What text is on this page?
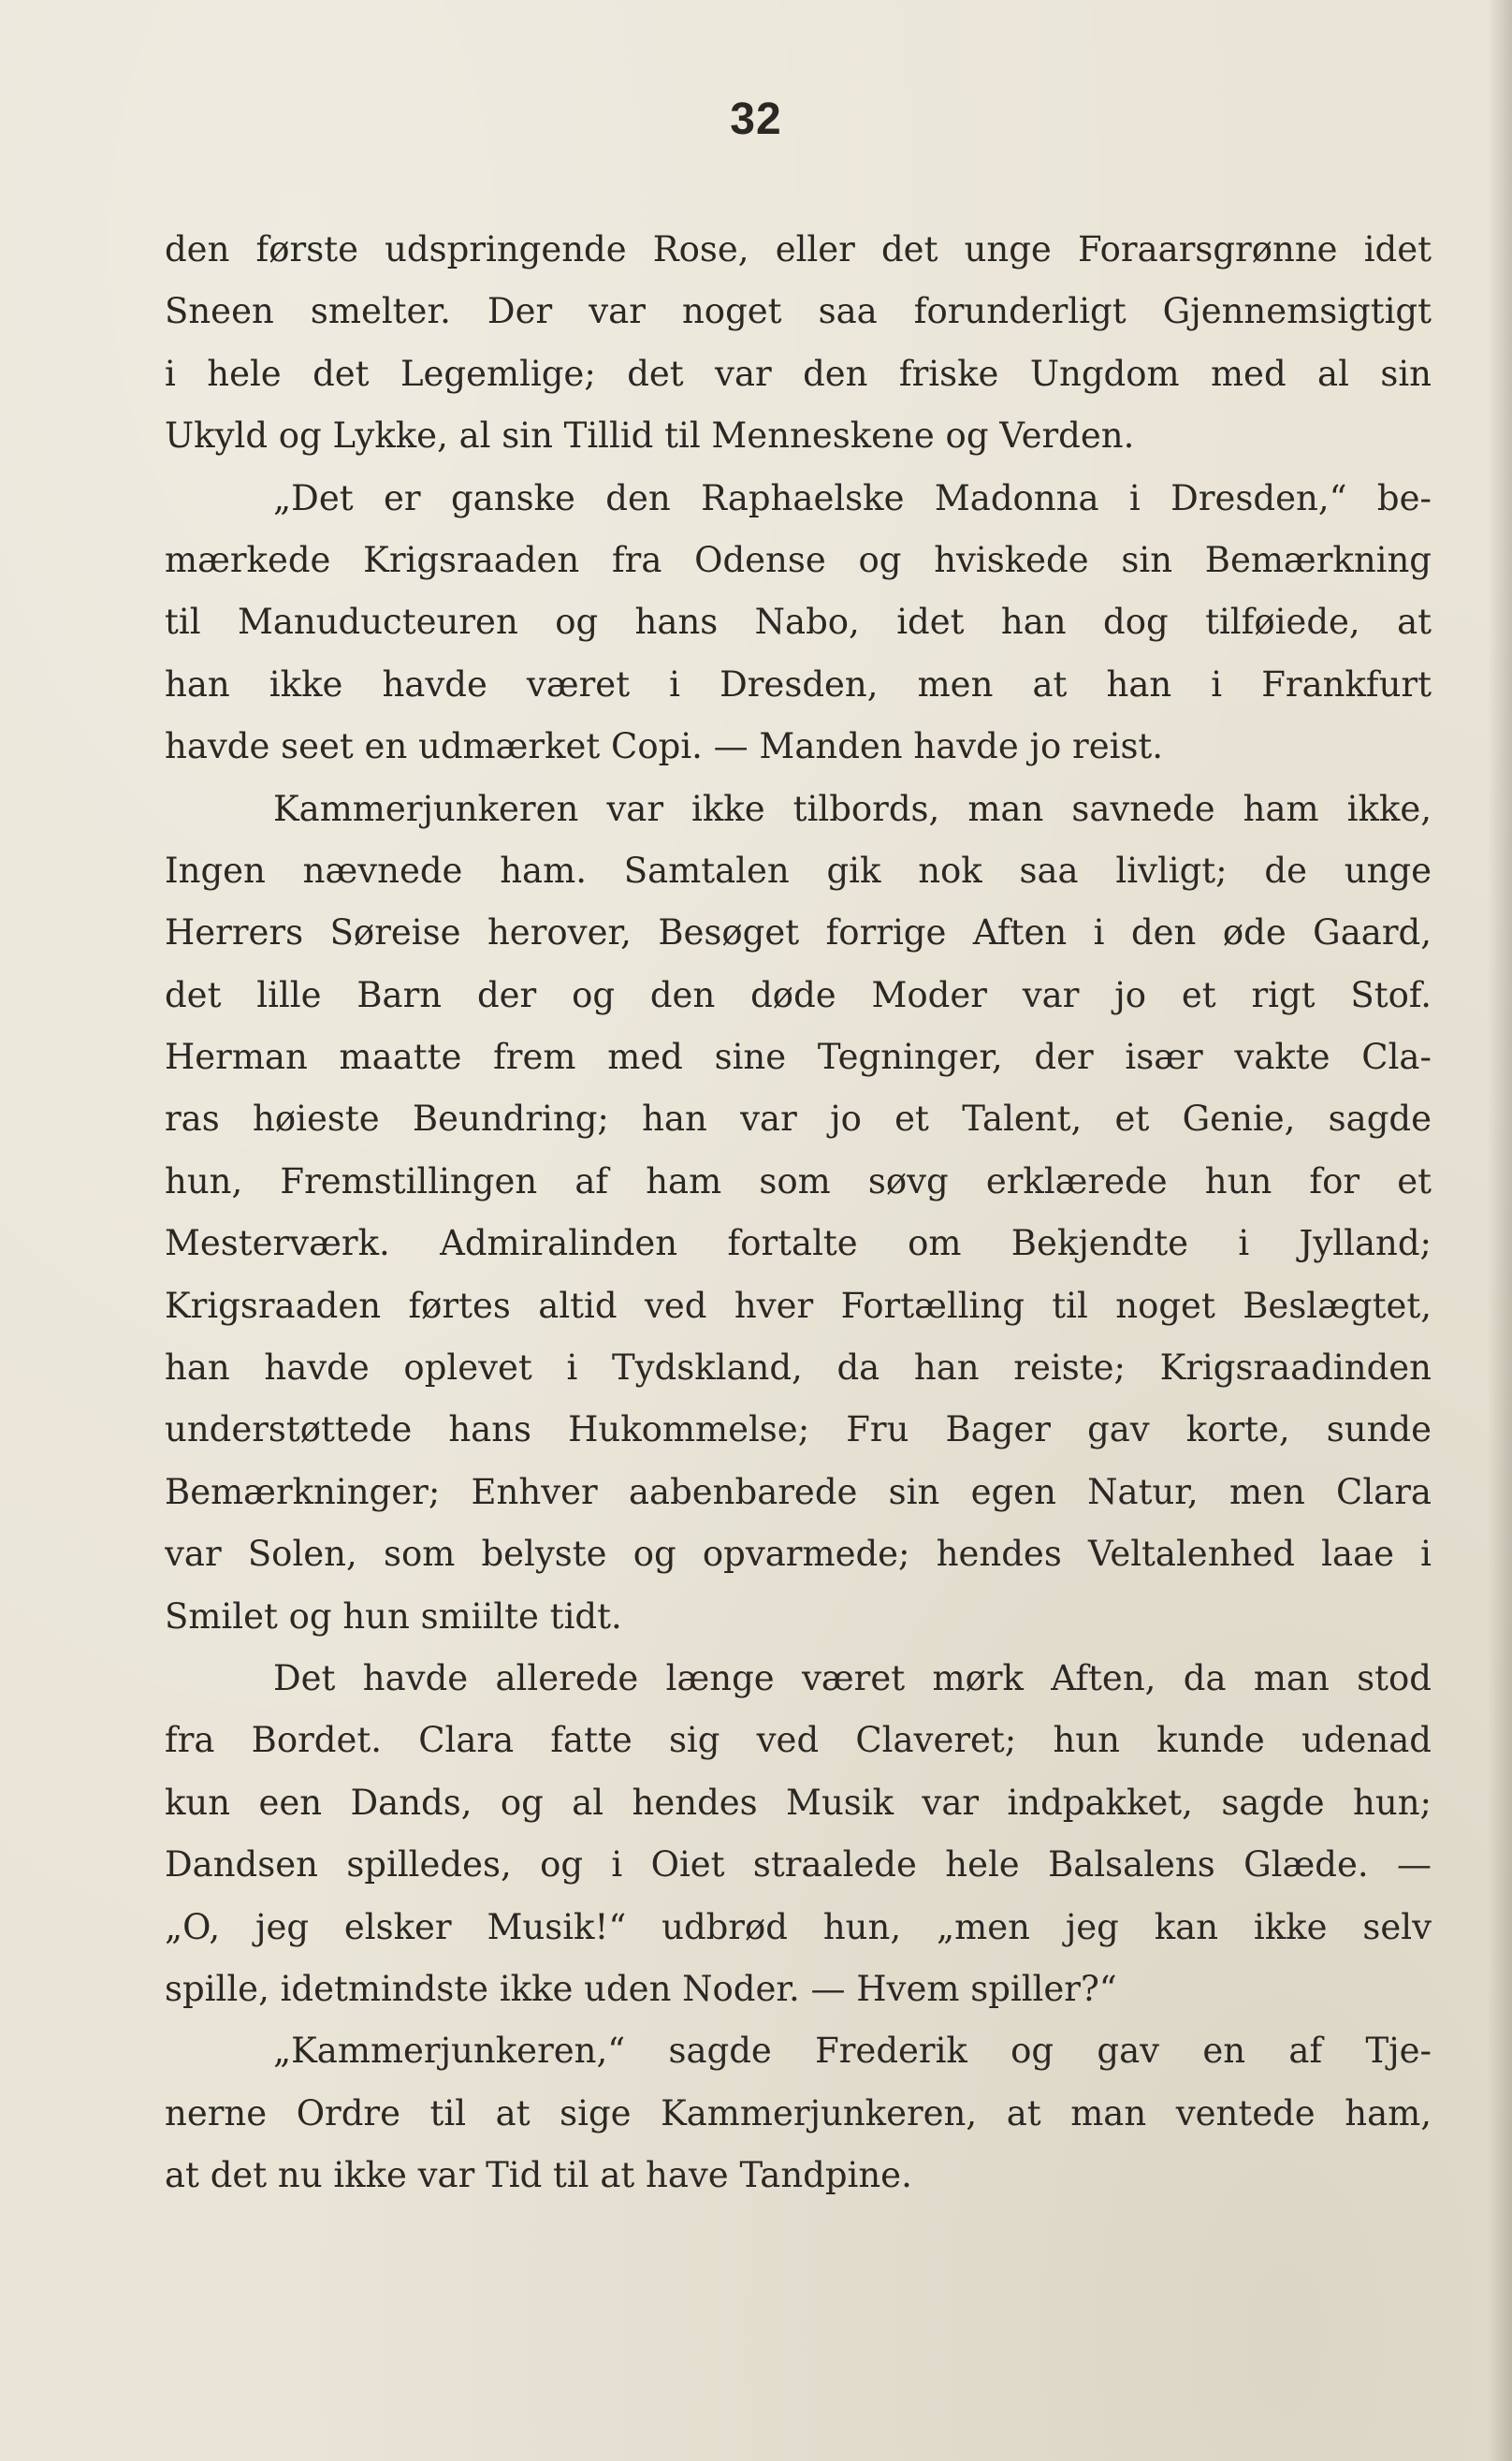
32
den første udspringende Rose, eller det unge Foraarsgrønne idet
Sneen smelter. Der var noget saa forunderligt Gjennemsigtigt
i hele det Legemlige; det var den friske Ungdom med al sin
Ukyld og Lykke, al sin Tillid til Menneskene og Verden.
„Det er ganske den Raphaelske Madonna i Dresden,“ be-
mærkede Krigsraaden fra Odense og hviskede sin Bemærkning
til Manuducteuren og hans Nabo, idet han dog tilføiede, at
han ikke havde været i Dresden, men at han i Frankfurt
havde seet en udmærket Copi. — Manden havde jo reist.
Kammerjunkeren var ikke tilbords, man savnede ham ikke,
Ingen nævnede ham. Samtalen gik nok saa livligt; de unge
Herrers Søreise herover, Besøget forrige Aften i den øde Gaard,
det lille Barn der og den døde Moder var jo et rigt Stof.
Herman maatte frem med sine Tegninger, der især vakte Cla-
ras høieste Beundring; han var jo et Talent, et Genie, sagde
hun, Fremstillingen af ham som søvg erklærede hun for et
Mesterværk. Admiralinden fortalte om Bekjendte i Jylland;
Krigsraaden førtes altid ved hver Fortælling til noget Beslægtet,
han havde oplevet i Tydskland, da han reiste; Krigsraadinden
understøttede hans Hukommelse; Fru Bager gav korte, sunde
Bemærkninger; Enhver aabenbarede sin egen Natur, men Clara
var Solen, som belyste og opvarmede; hendes Veltalenhed laae i
Smilet og hun smiilte tidt.
Det havde allerede længe været mørk Aften, da man stod
fra Bordet. Clara fatte sig ved Claveret; hun kunde udenad
kun een Dands, og al hendes Musik var indpakket, sagde hun;
Dandsen spilledes, og i Oiet straalede hele Balsalens Glæde. —
„O, jeg elsker Musik!“ udbrød hun, „men jeg kan ikke selv
spille, idetmindste ikke uden Noder. — Hvem spiller?“
„Kammerjunkeren,“ sagde Frederik og gav en af Tje-
nerne Ordre til at sige Kammerjunkeren, at man ventede ham,
at det nu ikke var Tid til at have Tandpine.
